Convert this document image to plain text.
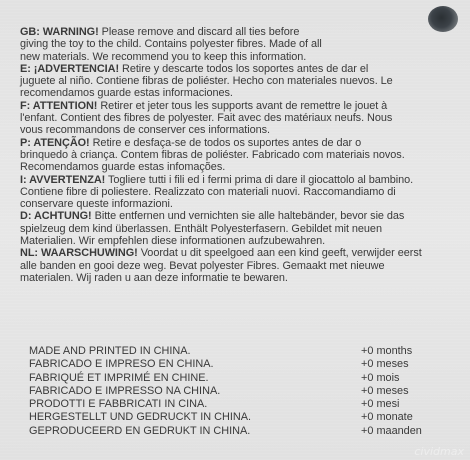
GB: WARNING! Please remove and discard all ties before
giving the toy to the child. Contains polyester fibres. Made of all
new materials. We recommend you to keep this information.
E: ¡ADVERTENCIA! Retire y descarte todos los soportes antes de dar el
juguete al niño. Contiene fibras de poliéster. Hecho con materiales nuevos. Le
recomendamos guarde estas informaciones.
F: ATTENTION! Retirer et jeter tous les supports avant de remettre le jouet à
l'enfant. Contient des fibres de polyester. Fait avec des matériaux neufs. Nous
vous recommandons de conserver ces informations.
P: ATENÇÃO! Retire e desfaça-se de todos os suportes antes de dar o
brinquedo à criança. Contem fibras de poliéster. Fabricado com materiais novos.
Recomendamos guarde estas infomações.
I: AVVERTENZA! Togliere tutti i fili ed i fermi prima di dare il giocattolo al bambino.
Contiene fibre di poliestere. Realizzato con materiali nuovi. Raccomandiamo di
conservare queste informazioni.
D: ACHTUNG! Bitte entfernen und vernichten sie alle haltebänder, bevor sie das
spielzeug dem kind überlassen. Enthält Polyesterfasern. Gebildet mit neuen
Materialien. Wir empfehlen diese informationen aufzubewahren.
NL: WAARSCHUWING! Voordat u dit speelgoed aan een kind geeft, verwijder eerst
alle banden en gooi deze weg. Bevat polyester Fibres. Gemaakt met nieuwe
materialen. Wij raden u aan deze informatie te bewaren.
MADE AND PRINTED IN CHINA.	+0 months
FABRICADO E IMPRESO EN CHINA.	+0 meses
FABRIQUÉ ET IMPRIMÉ EN CHINE.	+0 mois
FABRICADO E IMPRESSO NA CHINA.	+0 meses
PRODOTTI E FABBRICATI IN CINA.	+0 mesi
HERGESTELLT UND GEDRUCKT IN CHINA.	+0 monate
GEPRODUCEERD EN GEDRUKT IN CHINA.	+0 maanden
cividmax
